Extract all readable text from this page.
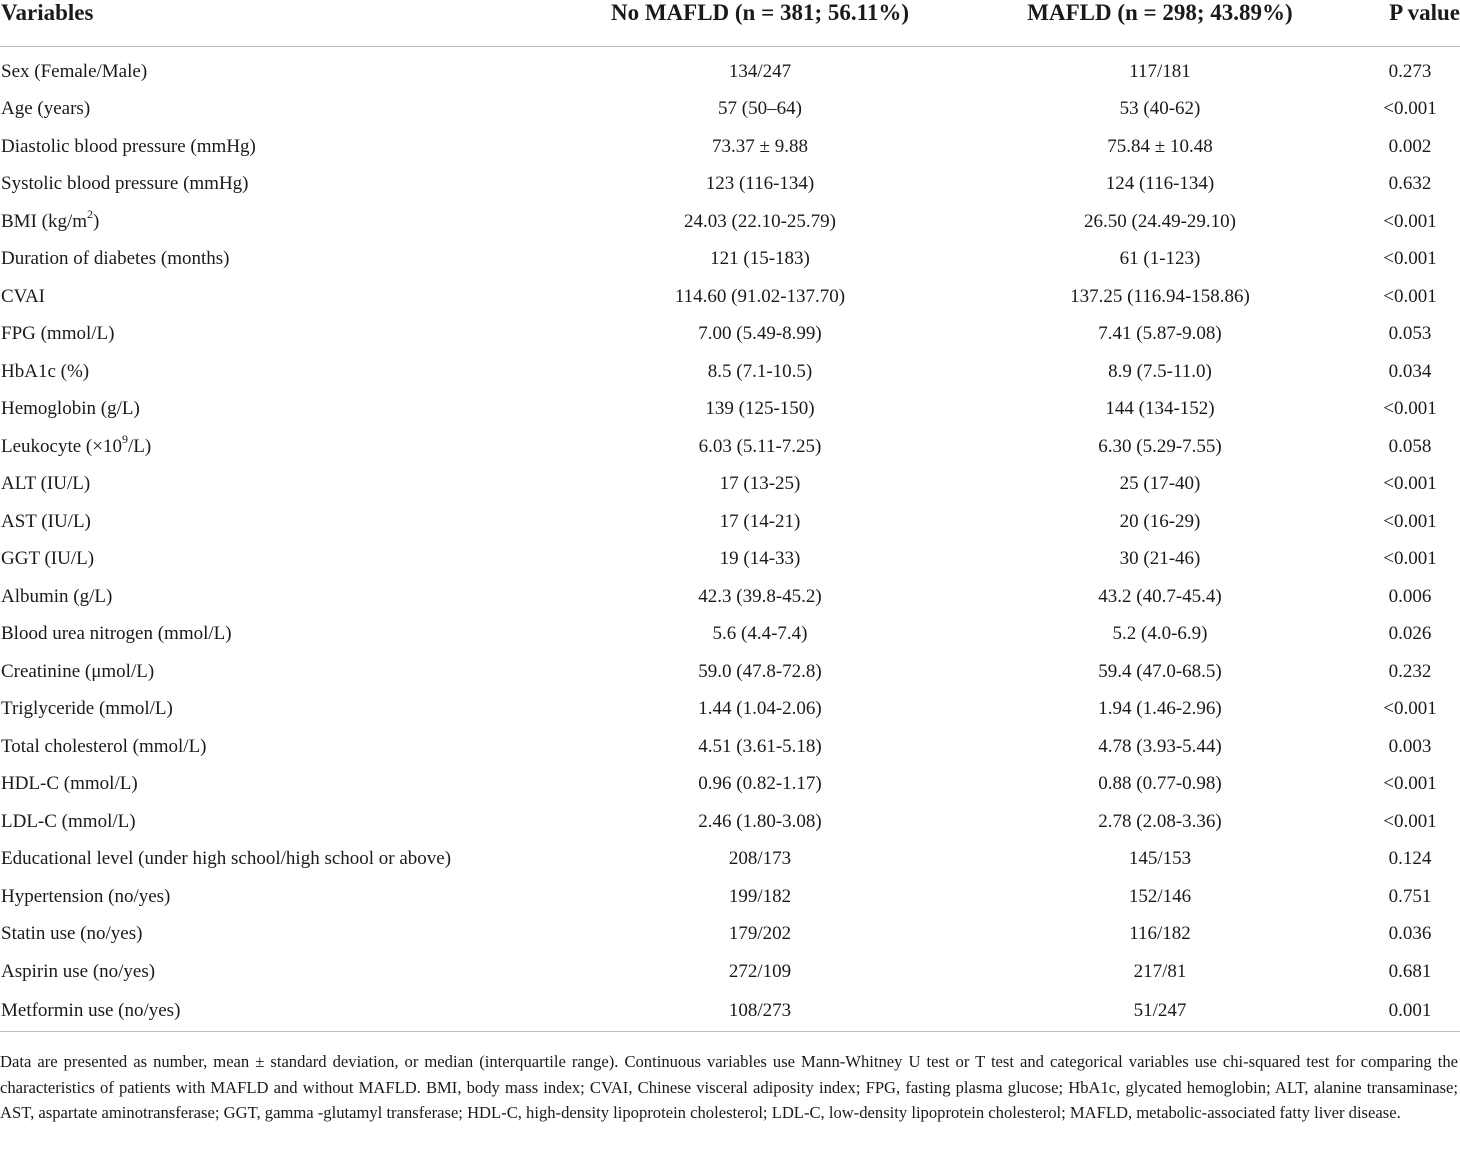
Variables	No MAFLD (n = 381; 56.11%)	MAFLD (n = 298; 43.89%)	P value
Sex (Female/Male)	134/247	117/181	0.273
Age (years)	57 (50–64)	53 (40-62)	<0.001
Diastolic blood pressure (mmHg)	73.37 ± 9.88	75.84 ± 10.48	0.002
Systolic blood pressure (mmHg)	123 (116-134)	124 (116-134)	0.632
BMI $(kg/m^2)$	24.03 (22.10-25.79)	26.50 (24.49-29.10)	<0.001
Duration of diabetes (months)	121 (15-183)	61 (1-123)	<0.001
CVAI	114.60 (91.02-137.70)	137.25 (116.94-158.86)	<0.001
FPG (mmol/L)	7.00 (5.49-8.99)	7.41 (5.87-9.08)	0.053
HbA1c (%)	8.5 (7.1-10.5)	8.9 (7.5-11.0)	0.034
Hemoglobin (g/L)	139 (125-150)	144 (134-152)	<0.001
Leukocyte $(\times 10^9/L)$	6.03 (5.11-7.25)	6.30 (5.29-7.55)	0.058
ALT (IU/L)	17 (13-25)	25 (17-40)	<0.001
AST (IU/L)	17 (14-21)	20 (16-29)	<0.001
GGT (IU/L)	19 (14-33)	30 (21-46)	<0.001
Albumin (g/L)	42.3 (39.8-45.2)	43.2 (40.7-45.4)	0.006
Blood urea nitrogen (mmol/L)	5.6 (4.4-7.4)	5.2 (4.0-6.9)	0.026
Creatinine (μmol/L)	59.0 (47.8-72.8)	59.4 (47.0-68.5)	0.232
Triglyceride (mmol/L)	1.44 (1.04-2.06)	1.94 (1.46-2.96)	<0.001
Total cholesterol (mmol/L)	4.51 (3.61-5.18)	4.78 (3.93-5.44)	0.003
HDL-C (mmol/L)	0.96 (0.82-1.17)	0.88 (0.77-0.98)	<0.001
LDL-C (mmol/L)	2.46 (1.80-3.08)	2.78 (2.08-3.36)	<0.001
Educational level (under high school/high school or above)	208/173	145/153	0.124
Hypertension (no/yes)	199/182	152/146	0.751
Statin use (no/yes)	179/202	116/182	0.036
Aspirin use (no/yes)	272/109	217/81	0.681
Metformin use (no/yes)	108/273	51/247	0.001
Data are presented as number, mean ± standard deviation, or median (interquartile range). Continuous variables use Mann-Whitney U test or T test and categorical variables use chi-squared test for comparing the characteristics of patients with MAFLD and without MAFLD. BMI, body mass index; CVAI, Chinese visceral adiposity index; FPG, fasting plasma glucose; HbA1c, glycated hemoglobin; ALT, alanine transaminase; AST, aspartate aminotransferase; GGT, gamma -glutamyl transferase; HDL-C, high-density lipoprotein cholesterol; LDL-C, low-density lipoprotein cholesterol; MAFLD, metabolic-associated fatty liver disease.
